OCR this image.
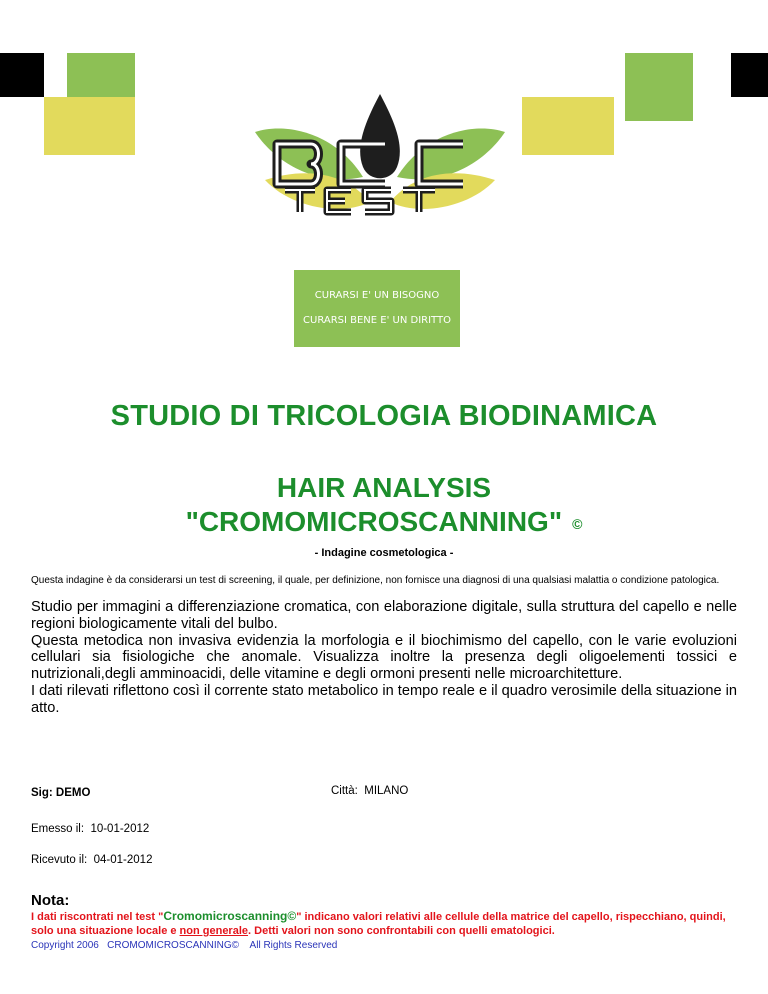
CURARSI E' UN BISOGNO
CURARSI BENE E' UN DIRITTO
STUDIO DI TRICOLOGIA BIODINAMICA
HAIR ANALYSIS
"CROMOMICROSCANNING" ©
- Indagine cosmetologica -
Questa indagine è da considerarsi un test di screening, il quale, per definizione, non fornisce una diagnosi di una qualsiasi malattia o condizione patologica.

Studio per immagini a differenziazione cromatica, con elaborazione digitale, sulla struttura del capello e nelle regioni biologicamente vitali del bulbo.

Questa metodica non invasiva evidenzia la morfologia e il biochimismo del capello, con le varie evoluzioni cellulari sia fisiologiche che anomale. Visualizza inoltre la presenza degli oligoelementi tossici e nutrizionali,degli amminoacidi, delle vitamine e degli ormoni presenti nelle microarchitetture.

I dati rilevati riflettono così il corrente stato metabolico in tempo reale e il quadro verosimile della situazione in atto.

Sig: DEMO	Città: MILANO
Emesso il: 10-01-2012
Ricevuto il: 04-01-2012
Nota:
I dati riscontrati nel test "Cromomicroscanning©" indicano valori relativi alle cellule della matrice del capello, rispecchiano, quindi, solo una situazione locale e non generale. Detti valori non sono confrontabili con quelli ematologici.
Copyright 2006 CROMOMICROSCANNING© All Rights Reserved
